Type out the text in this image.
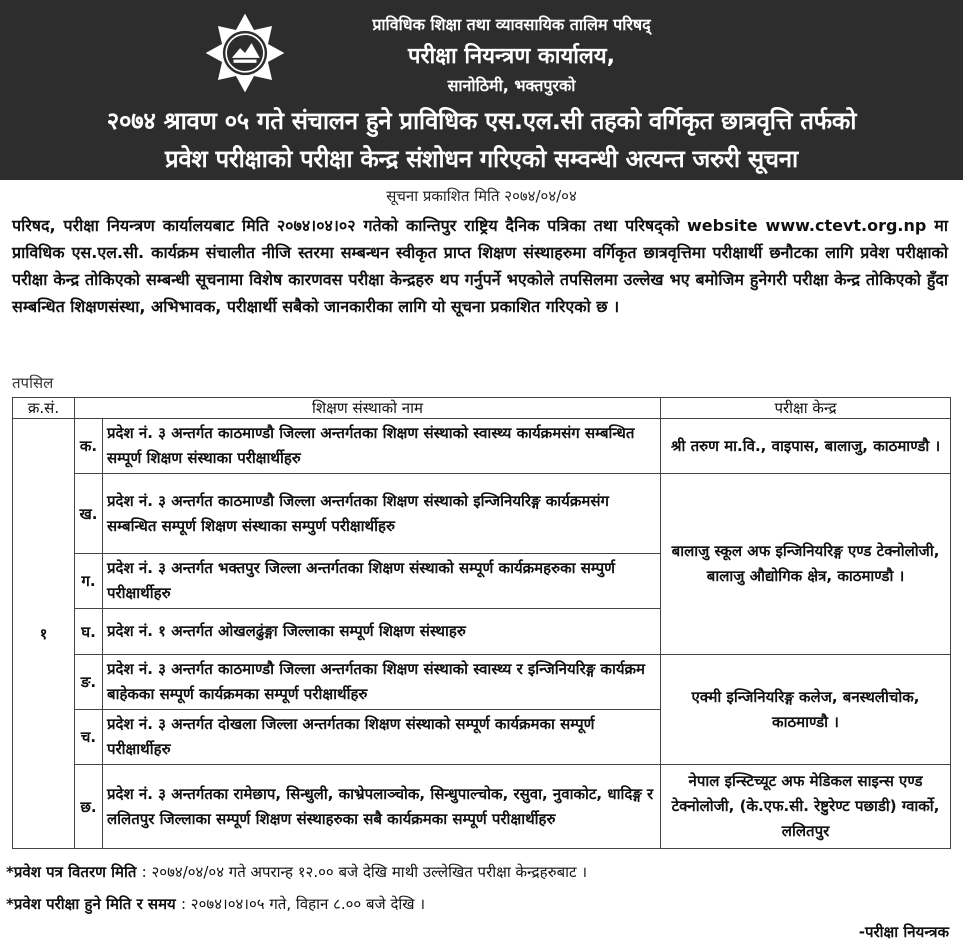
प्राविधिक शिक्षा तथा व्यावसायिक तालिम परिषद्
परीक्षा नियन्त्रण कार्यालय,
सानोठिमी, भक्तपुरको
२०७४ श्रावण ०५ गते संचालन हुने प्राविधिक एस.एल.सी तहको वर्गिकृत छात्रवृत्ति तर्फको
प्रवेश परीक्षाको परीक्षा केन्द्र संशोधन गरिएको सम्वन्धी अत्यन्त जरुरी सूचना
सूचना प्रकाशित मिति २०७४/०४/०४
परिषद, परीक्षा नियन्त्रण कार्यालयबाट मिति २०७४।०४।०२ गतेको कान्तिपुर राष्ट्रिय दैनिक पत्रिका तथा परिषद्को website www.ctevt.org.np मा प्राविधिक एस.एल.सी. कार्यक्रम संचालीत नीजि स्तरमा सम्बन्धन स्वीकृत प्राप्त शिक्षण संस्थाहरुमा वर्गिकृत छात्रवृत्तिमा परीक्षार्थी छनौटका लागि प्रवेश परीक्षाको परीक्षा केन्द्र तोकिएको सम्बन्धी सूचनामा विशेष कारणवस परीक्षा केन्द्रहरु थप गर्नुपर्ने भएकोले तपसिलमा उल्लेख भए बमोजिम हुनेगरी परीक्षा केन्द्र तोकिएको हुँदा सम्बन्धित शिक्षणसंस्था, अभिभावक, परीक्षार्थी सबैको जानकारीका लागि यो सूचना प्रकाशित गरिएको छ ।
तपसिल
क्र.सं.	शिक्षण संस्थाको नाम		परीक्षा केन्द्र
१	क.	प्रदेश नं. ३ अन्तर्गत काठमाण्डौ जिल्ला अन्तर्गतका शिक्षण संस्थाको स्वास्थ्य कार्यक्रमसंग सम्बन्धित सम्पूर्ण शिक्षण संस्थाका परीक्षार्थीहरु	श्री तरुण मा.वि., वाइपास, बालाजु, काठमाण्डौ ।
	ख.	प्रदेश नं. ३ अन्तर्गत काठमाण्डौ जिल्ला अन्तर्गतका शिक्षण संस्थाको इन्जिनियरिङ्ग कार्यक्रमसंग सम्बन्धित सम्पूर्ण शिक्षण संस्थाका सम्पुर्ण परीक्षार्थीहरु	बालाजु स्कूल अफ इन्जिनियरिङ्ग एण्ड टेक्नोलोजी, बालाजु औद्योगिक क्षेत्र, काठमाण्डौ ।
	ग.	प्रदेश नं. ३ अन्तर्गत भक्तपुर जिल्ला अन्तर्गतका शिक्षण संस्थाको सम्पूर्ण कार्यक्रमहरुका सम्पुर्ण परीक्षार्थीहरु	
	घ.	प्रदेश नं. १ अन्तर्गत ओखलढुंङ्गा जिल्लाका सम्पूर्ण शिक्षण संस्थाहरु	
	ङ.	प्रदेश नं. ३ अन्तर्गत काठमाण्डौ जिल्ला अन्तर्गतका शिक्षण संस्थाको स्वास्थ्य र इन्जिनियरिङ्ग कार्यक्रम बाहेकका सम्पूर्ण कार्यक्रमका सम्पूर्ण परीक्षार्थीहरु	एक्मी इन्जिनियरिङ्ग कलेज, बनस्थलीचोक, काठमाण्डौ ।
	च.	प्रदेश नं. ३ अन्तर्गत दोखला जिल्ला अन्तर्गतका शिक्षण संस्थाको सम्पूर्ण कार्यक्रमका सम्पूर्ण परीक्षार्थीहरु	
	छ.	प्रदेश नं. ३ अन्तर्गतका रामेछाप, सिन्धुली, काभ्रेपलाञ्चोक, सिन्धुपाल्चोक, रसुवा, नुवाकोट, धादिङ्ग र ललितपुर जिल्लाका सम्पूर्ण शिक्षण संस्थाहरुका सबै कार्यक्रमका सम्पूर्ण परीक्षार्थीहरु	नेपाल इन्स्टिच्यूट अफ मेडिकल साइन्स एण्ड टेक्नोलोजी, (के.एफ.सी. रेष्टुरेण्ट पछाडी) ग्वार्को, ललितपुर
*प्रवेश पत्र वितरण मिति : २०७४/०४/०४ गते अपरान्ह १२.०० बजे देखि माथी उल्लेखित परीक्षा केन्द्रहरुबाट ।
*प्रवेश परीक्षा हुने मिति र समय : २०७४।०४।०५ गते, विहान ८.०० बजे देखि ।
-परीक्षा नियन्त्रक
